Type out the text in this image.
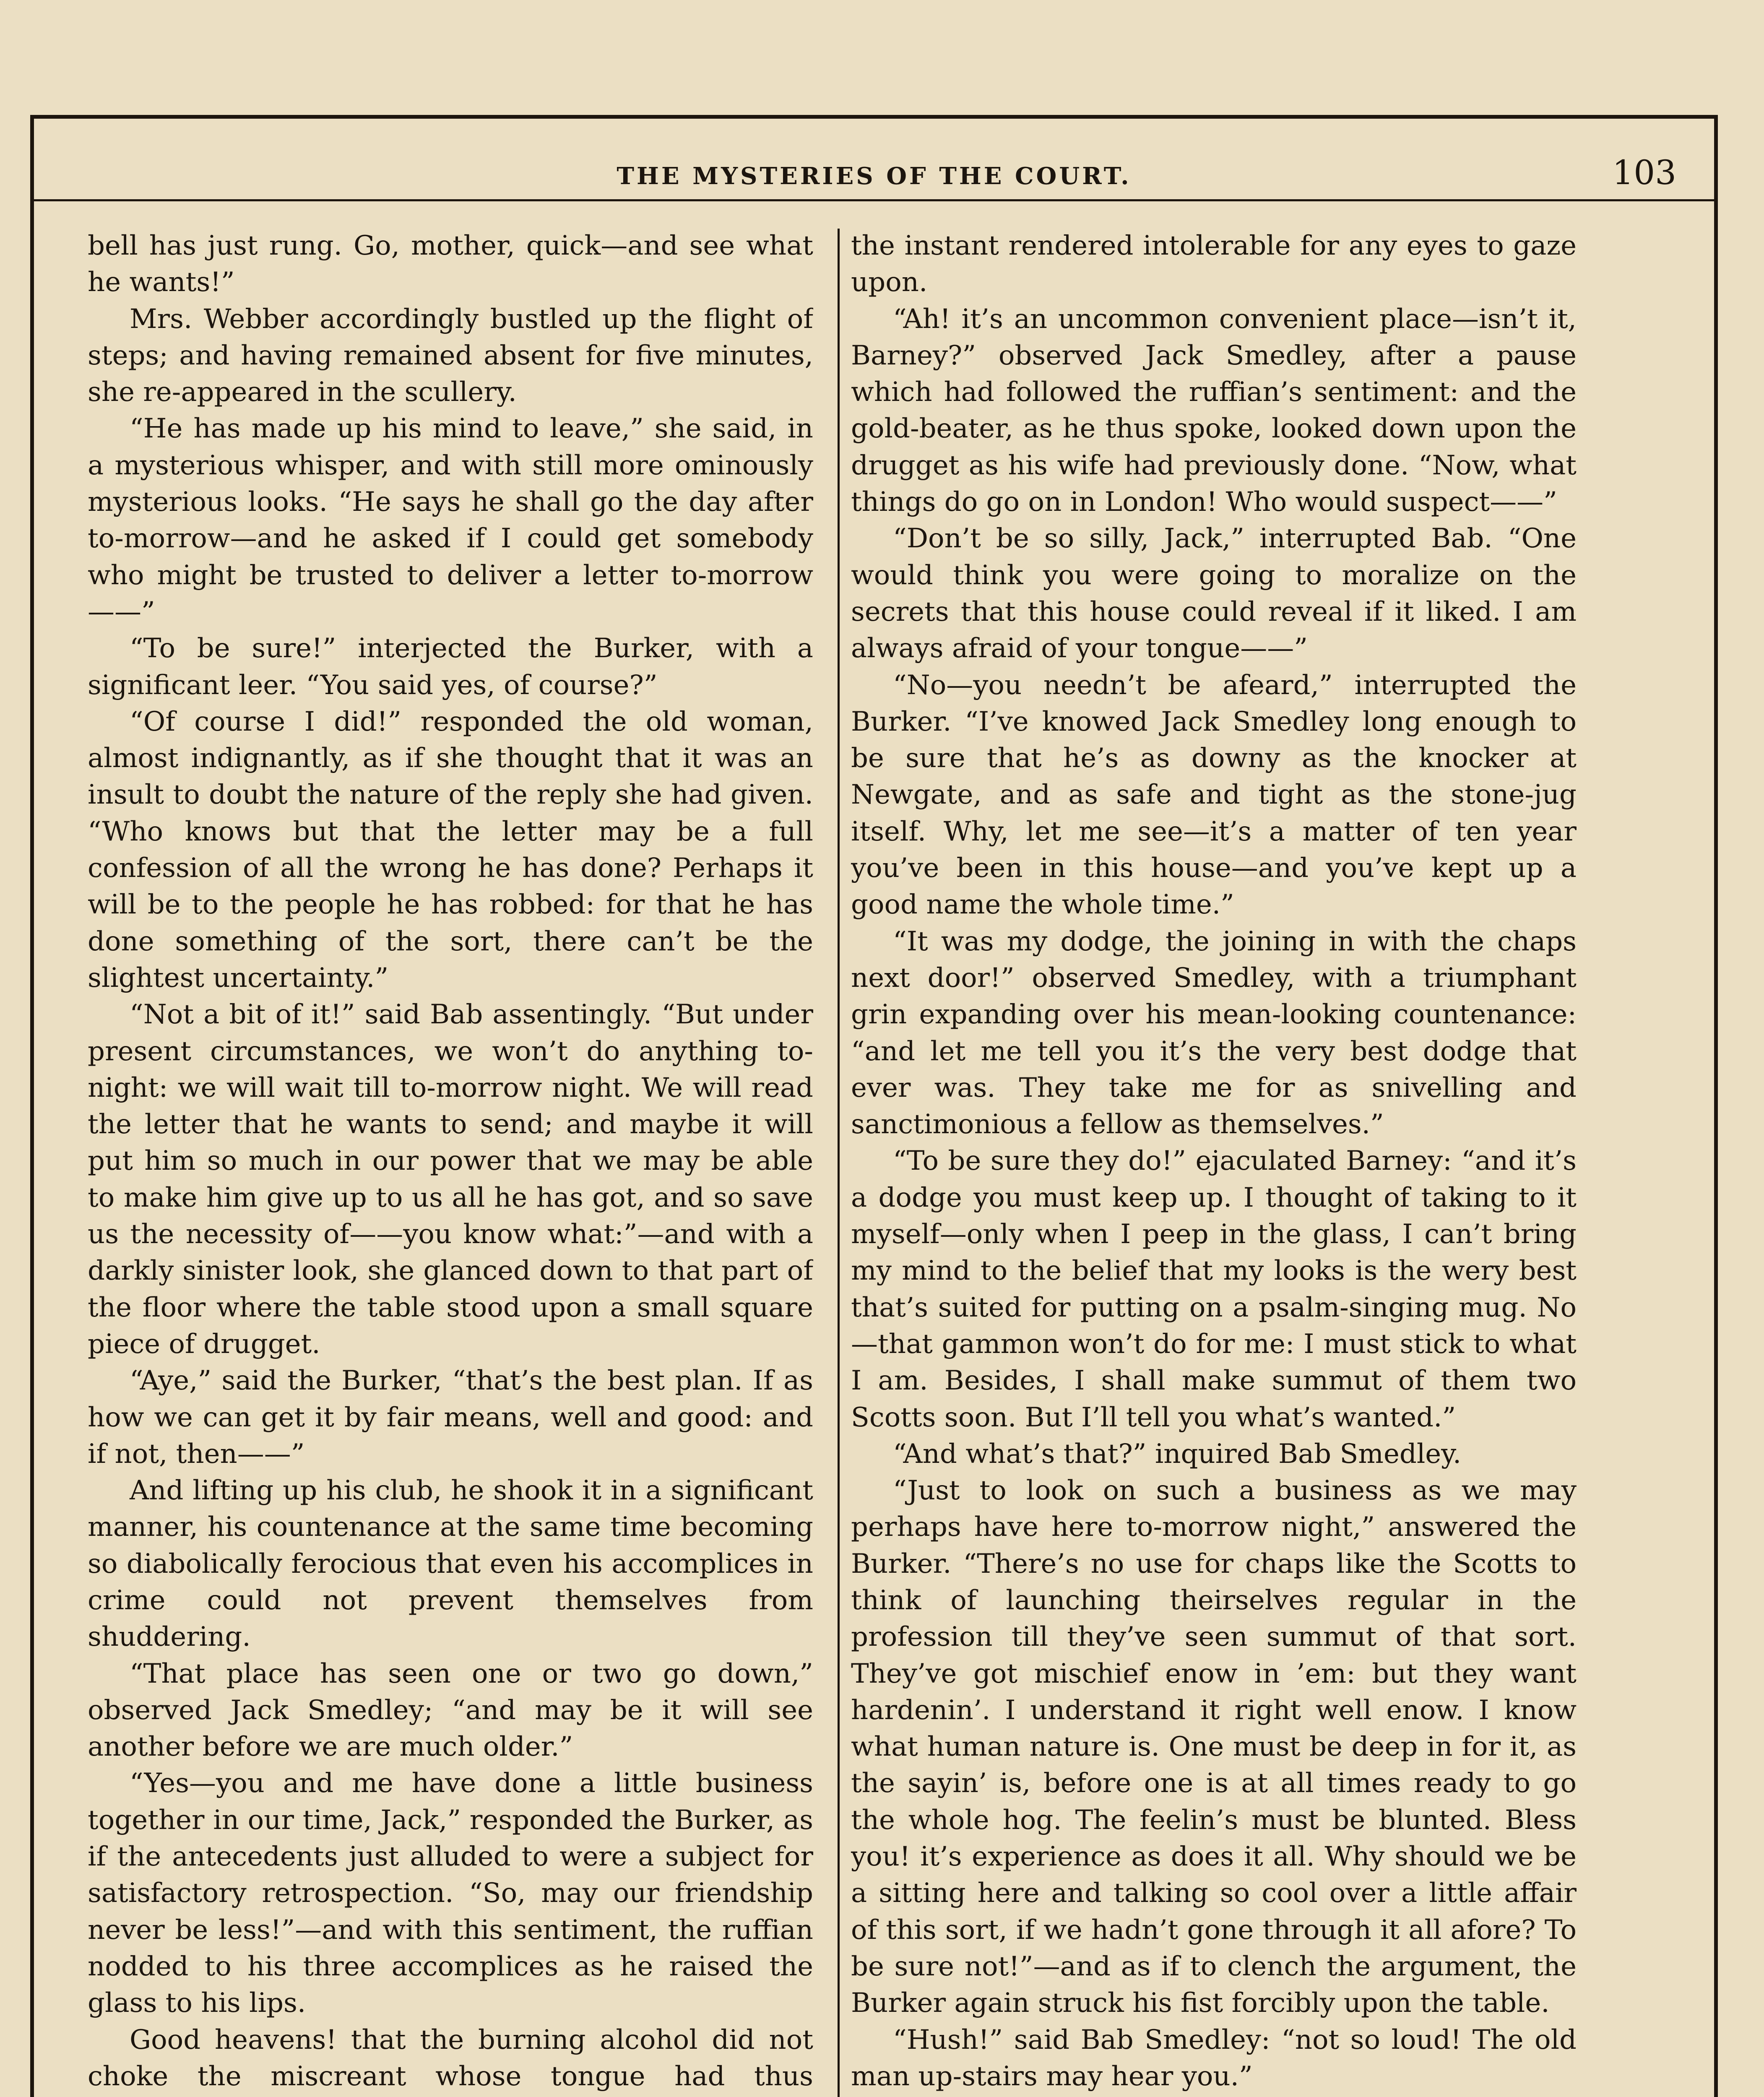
THE MYSTERIES OF THE COURT.	103

bell has just rung. Go, mother, quick—and see what he wants!”

Mrs. Webber accordingly bustled up the flight of steps; and having remained absent for five minutes, she re-appeared in the scullery.

“He has made up his mind to leave,” she said, in a mysterious whisper, and with still more ominously mysterious looks. “He says he shall go the day after to-morrow—and he asked if I could get somebody who might be trusted to deliver a letter to-morrow——”

“To be sure!” interjected the Burker, with a significant leer. “You said yes, of course?”

“Of course I did!” responded the old woman, almost indignantly, as if she thought that it was an insult to doubt the nature of the reply she had given. “Who knows but that the letter may be a full confession of all the wrong he has done? Perhaps it will be to the people he has robbed: for that he has done something of the sort, there can’t be the slightest uncertainty.”

“Not a bit of it!” said Bab assentingly. “But under present circumstances, we won’t do anything to-night: we will wait till to-morrow night. We will read the letter that he wants to send; and maybe it will put him so much in our power that we may be able to make him give up to us all he has got, and so save us the necessity of——you know what:”—and with a darkly sinister look, she glanced down to that part of the floor where the table stood upon a small square piece of drugget.

“Aye,” said the Burker, “that’s the best plan. If as how we can get it by fair means, well and good: and if not, then——”

And lifting up his club, he shook it in a significant manner, his countenance at the same time becoming so diabolically ferocious that even his accomplices in crime could not prevent themselves from shuddering.

“That place has seen one or two go down,” observed Jack Smedley; “and may be it will see another before we are much older.”

“Yes—you and me have done a little business together in our time, Jack,” responded the Burker, as if the antecedents just alluded to were a subject for satisfactory retrospection. “So, may our friendship never be less!”—and with this sentiment, the ruffian nodded to his three accomplices as he raised the glass to his lips.

Good heavens! that the burning alcohol did not choke the miscreant whose tongue had thus

the instant rendered intolerable for any eyes to gaze upon.

“Ah! it’s an uncommon convenient place—isn’t it, Barney?” observed Jack Smedley, after a pause which had followed the ruffian’s sentiment: and the gold-beater, as he thus spoke, looked down upon the drugget as his wife had previously done. “Now, what things do go on in London! Who would suspect——”

“Don’t be so silly, Jack,” interrupted Bab. “One would think you were going to moralize on the secrets that this house could reveal if it liked. I am always afraid of your tongue——”

“No—you needn’t be afeard,” interrupted the Burker. “I’ve knowed Jack Smedley long enough to be sure that he’s as downy as the knocker at Newgate, and as safe and tight as the stone-jug itself. Why, let me see—it’s a matter of ten year you’ve been in this house—and you’ve kept up a good name the whole time.”

“It was my dodge, the joining in with the chaps next door!” observed Smedley, with a triumphant grin expanding over his mean-looking countenance: “and let me tell you it’s the very best dodge that ever was. They take me for as snivelling and sanctimonious a fellow as themselves.”

“To be sure they do!” ejaculated Barney: “and it’s a dodge you must keep up. I thought of taking to it myself—only when I peep in the glass, I can’t bring my mind to the belief that my looks is the wery best that’s suited for putting on a psalm-singing mug. No—that gammon won’t do for me: I must stick to what I am. Besides, I shall make summut of them two Scotts soon. But I’ll tell you what’s wanted.”

“And what’s that?” inquired Bab Smedley.

“Just to look on such a business as we may perhaps have here to-morrow night,” answered the Burker. “There’s no use for chaps like the Scotts to think of launching theirselves regular in the profession till they’ve seen summut of that sort. They’ve got mischief enow in ’em: but they want hardenin’. I understand it right well enow. I know what human nature is. One must be deep in for it, as the sayin’ is, before one is at all times ready to go the whole hog. The feelin’s must be blunted. Bless you! it’s experience as does it all. Why should we be a sitting here and talking so cool over a little affair of this sort, if we hadn’t gone through it all afore? To be sure not!”—and as if to clench the argument, the Burker again struck his fist forcibly upon the table.

“Hush!” said Bab Smedley: “not so loud! The old man up-stairs may hear you.”
